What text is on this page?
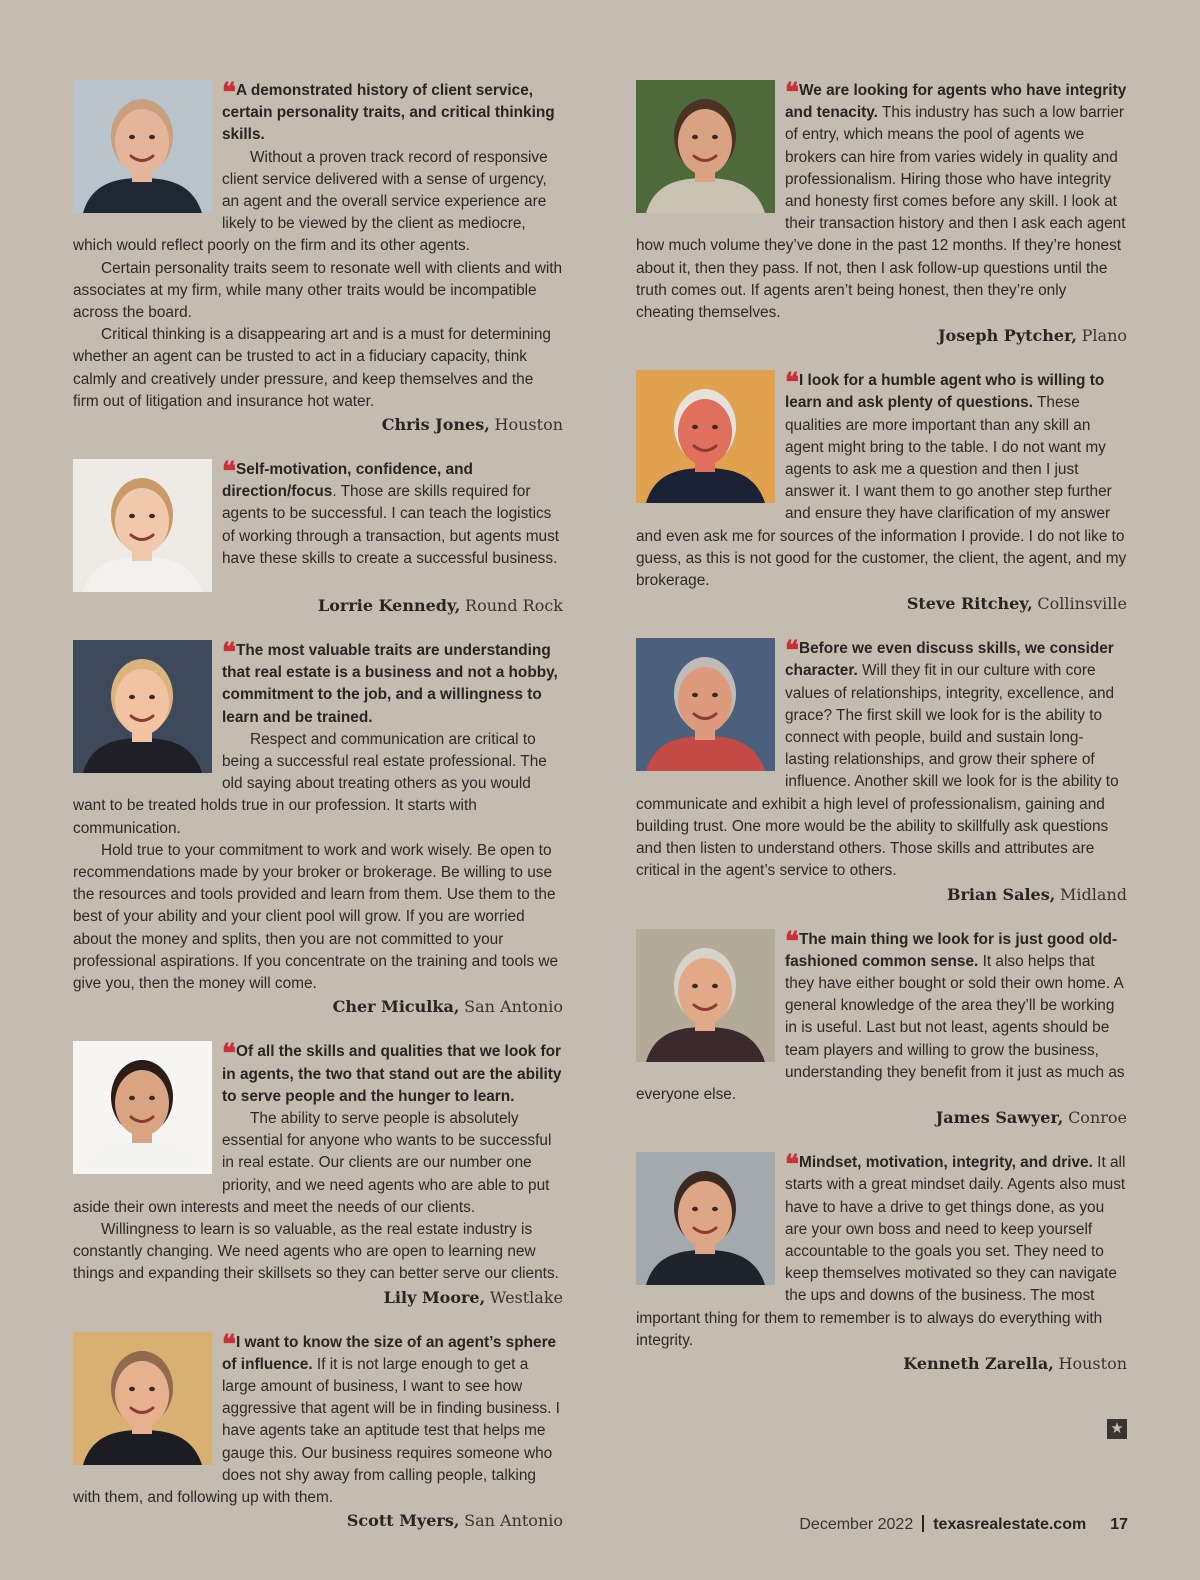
❝ A demonstrated history of client service, certain personality traits, and critical thinking skills.

Without a proven track record of responsive client service delivered with a sense of urgency, an agent and the overall service experience are likely to be viewed by the client as mediocre, which would reflect poorly on the firm and its other agents.

Certain personality traits seem to resonate well with clients and with associates at my firm, while many other traits would be incompatible across the board.

Critical thinking is a disappearing art and is a must for determining whether an agent can be trusted to act in a fiduciary capacity, think calmly and creatively under pressure, and keep themselves and the firm out of litigation and insurance hot water.

Chris Jones, Houston

❝ Self-motivation, confidence, and direction/focus. Those are skills required for agents to be successful. I can teach the logistics of working through a transaction, but agents must have these skills to create a successful business.

Lorrie Kennedy, Round Rock

❝ The most valuable traits are understanding that real estate is a business and not a hobby, commitment to the job, and a willingness to learn and be trained.

Respect and communication are critical to being a successful real estate professional. The old saying about treating others as you would want to be treated holds true in our profession. It starts with communication.

Hold true to your commitment to work and work wisely. Be open to recommendations made by your broker or brokerage. Be willing to use the resources and tools provided and learn from them. Use them to the best of your ability and your client pool will grow. If you are worried about the money and splits, then you are not committed to your professional aspirations. If you concentrate on the training and tools we give you, then the money will come.

Cher Miculka, San Antonio

❝ Of all the skills and qualities that we look for in agents, the two that stand out are the ability to serve people and the hunger to learn.

The ability to serve people is absolutely essential for anyone who wants to be successful in real estate. Our clients are our number one priority, and we need agents who are able to put aside their own interests and meet the needs of our clients.

Willingness to learn is so valuable, as the real estate industry is constantly changing. We need agents who are open to learning new things and expanding their skillsets so they can better serve our clients.

Lily Moore, Westlake

❝ I want to know the size of an agent’s sphere of influence. If it is not large enough to get a large amount of business, I want to see how aggressive that agent will be in finding business. I have agents take an aptitude test that helps me gauge this. Our business requires someone who does not shy away from calling people, talking with them, and following up with them.

Scott Myers, San Antonio

❝ We are looking for agents who have integrity and tenacity. This industry has such a low barrier of entry, which means the pool of agents we brokers can hire from varies widely in quality and professionalism. Hiring those who have integrity and honesty first comes before any skill. I look at their transaction history and then I ask each agent how much volume they’ve done in the past 12 months. If they’re honest about it, then they pass. If not, then I ask follow-up questions until the truth comes out. If agents aren’t being honest, then they’re only cheating themselves.

Joseph Pytcher, Plano

❝ I look for a humble agent who is willing to learn and ask plenty of questions. These qualities are more important than any skill an agent might bring to the table. I do not want my agents to ask me a question and then I just answer it. I want them to go another step further and ensure they have clarification of my answer and even ask me for sources of the information I provide. I do not like to guess, as this is not good for the customer, the client, the agent, and my brokerage.

Steve Ritchey, Collinsville

❝ Before we even discuss skills, we consider character. Will they fit in our culture with core values of relationships, integrity, excellence, and grace? The first skill we look for is the ability to connect with people, build and sustain long-lasting relationships, and grow their sphere of influence. Another skill we look for is the ability to communicate and exhibit a high level of professionalism, gaining and building trust. One more would be the ability to skillfully ask questions and then listen to understand others. Those skills and attributes are critical in the agent’s service to others.

Brian Sales, Midland

❝ The main thing we look for is just good old-fashioned common sense. It also helps that they have either bought or sold their own home. A general knowledge of the area they’ll be working in is useful. Last but not least, agents should be team players and willing to grow the business, understanding they benefit from it just as much as everyone else.

James Sawyer, Conroe

❝ Mindset, motivation, integrity, and drive. It all starts with a great mindset daily. Agents also must have to have a drive to get things done, as you are your own boss and need to keep yourself accountable to the goals you set. They need to keep themselves motivated so they can navigate the ups and downs of the business. The most important thing for them to remember is to always do everything with integrity.

Kenneth Zarella, Houston
★
December 2022 texasrealestate.com 17
